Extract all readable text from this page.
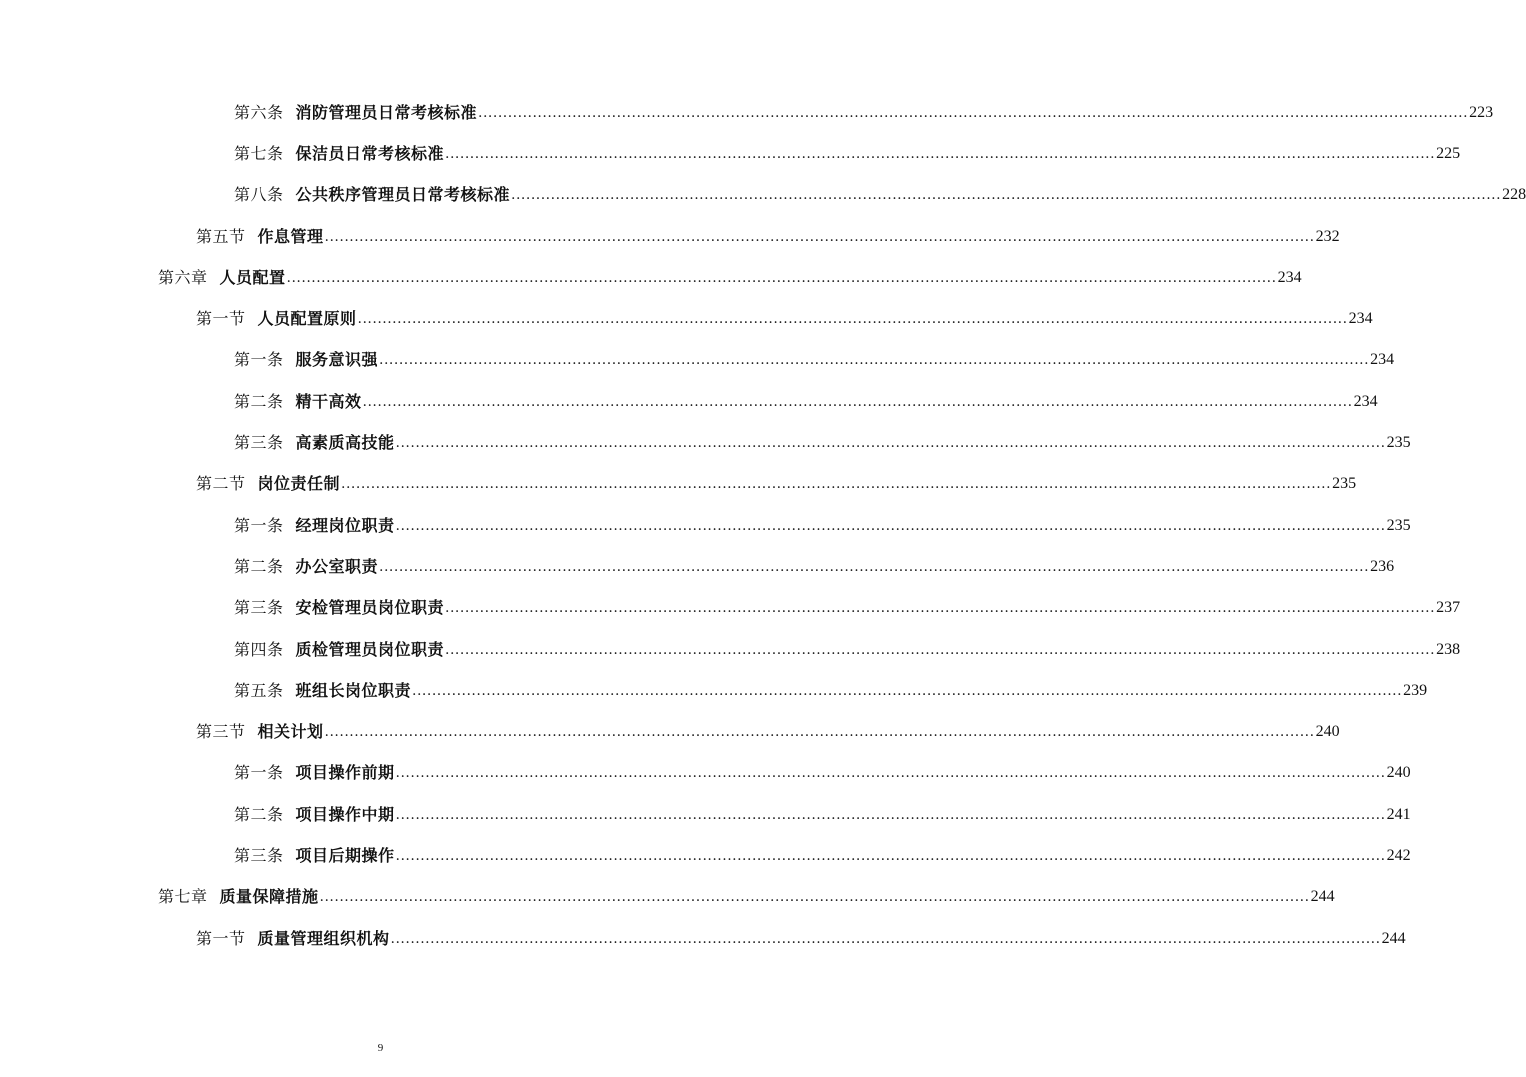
第六条 消防管理员日常考核标准 ........................................................................................................................................................................................................ 223
第七条 保洁员日常考核标准 ........................................................................................................................................................................................................ 225
第八条 公共秩序管理员日常考核标准 ........................................................................................................................................................................................................ 228
第五节 作息管理 ........................................................................................................................................................................................................ 232
第六章 人员配置 ........................................................................................................................................................................................................ 234
第一节 人员配置原则 ........................................................................................................................................................................................................ 234
第一条 服务意识强 ........................................................................................................................................................................................................ 234
第二条 精干高效 ........................................................................................................................................................................................................ 234
第三条 高素质高技能 ........................................................................................................................................................................................................ 235
第二节 岗位责任制 ........................................................................................................................................................................................................ 235
第一条 经理岗位职责 ........................................................................................................................................................................................................ 235
第二条 办公室职责 ........................................................................................................................................................................................................ 236
第三条 安检管理员岗位职责 ........................................................................................................................................................................................................ 237
第四条 质检管理员岗位职责 ........................................................................................................................................................................................................ 238
第五条 班组长岗位职责 ........................................................................................................................................................................................................ 239
第三节 相关计划 ........................................................................................................................................................................................................ 240
第一条 项目操作前期 ........................................................................................................................................................................................................ 240
第二条 项目操作中期 ........................................................................................................................................................................................................ 241
第三条 项目后期操作 ........................................................................................................................................................................................................ 242
第七章 质量保障措施 ........................................................................................................................................................................................................ 244
第一节 质量管理组织机构 ........................................................................................................................................................................................................ 244
9
